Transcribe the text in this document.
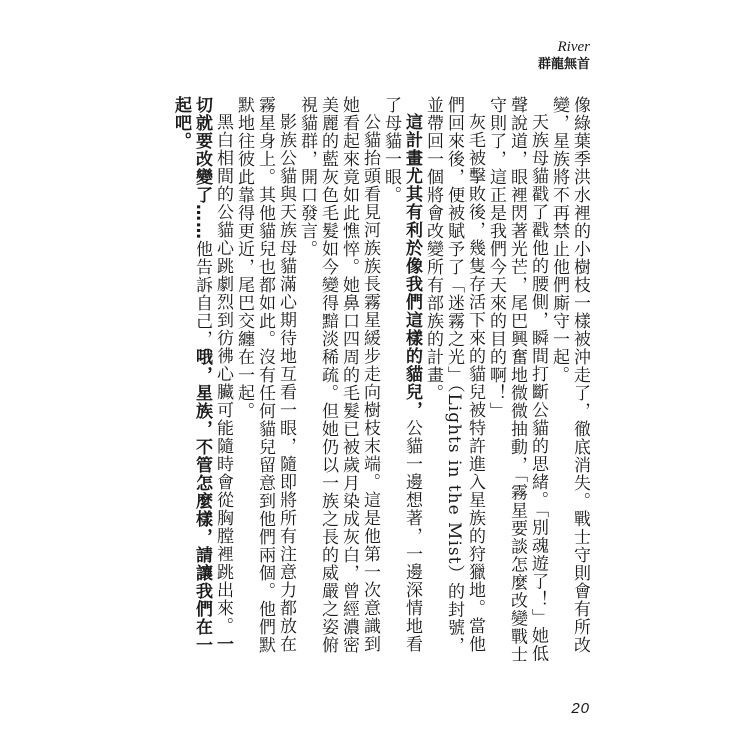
River
群龍無首

像綠葉季洪水裡的小樹枝一樣被沖走了，徹底消失。戰士守則會有所改變，星族將不再禁止他們廝守一起。

天族母貓戳了戳他的腰側，瞬間打斷公貓的思緒。「別魂遊了！」她低聲說道，眼裡閃著光芒，尾巴興奮地微微抽動，「霧星要談怎麼改變戰士守則了，這正是我們今天來的目的啊！」

灰毛被擊敗後，幾隻存活下來的貓兒被特許進入星族的狩獵地。當他們回來後，便被賦予了「迷霧之光」（Lights in the Mist）的封號，並帶回一個將會改變所有部族的計畫。

這計畫尤其有利於像我們這樣的貓兒，公貓一邊想著，一邊深情地看了母貓一眼。

公貓抬頭看見河族族長霧星緩步走向樹枝末端。這是他第一次意識到她看起來竟如此憔悴。她鼻口四周的毛髮已被歲月染成灰白，曾經濃密美麗的藍灰色毛髮如今變得黯淡稀疏。但她仍以一族之長的威嚴之姿俯視貓群，開口發言。

影族公貓與天族母貓滿心期待地互看一眼，隨即將所有注意力都放在霧星身上。其他貓兒也都如此。沒有任何貓兒留意到他們兩個。他們默默地往彼此靠得更近，尾巴交纏在一起。

黑白相間的公貓心跳劇烈到彷彿心臟可能隨時會從胸膛裡跳出來。一切就要改變了……他告訴自己，哦，星族，不管怎麼樣，請讓我們在一起吧。

20
